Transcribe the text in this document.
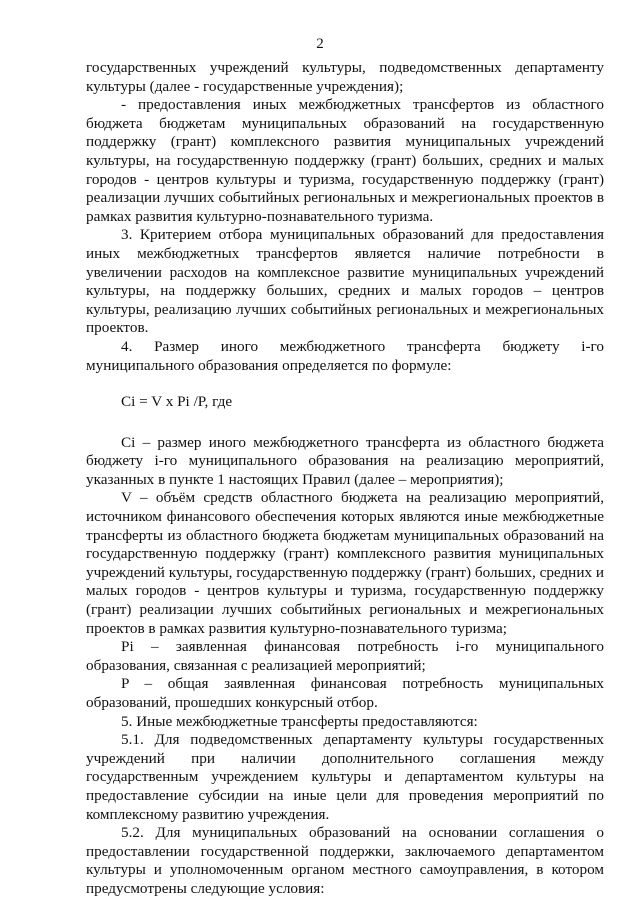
2

государственных учреждений культуры, подведомственных департаменту культуры (далее - государственные учреждения);

- предоставления иных межбюджетных трансфертов из областного бюджета бюджетам муниципальных образований на государственную поддержку (грант) комплексного развития муниципальных учреждений культуры, на государственную поддержку (грант) больших, средних и малых городов - центров культуры и туризма, государственную поддержку (грант) реализации лучших событийных региональных и межрегиональных проектов в рамках развития культурно-познавательного туризма.

3. Критерием отбора муниципальных образований для предоставления иных межбюджетных трансфертов является наличие потребности в увеличении расходов на комплексное развитие муниципальных учреждений культуры, на поддержку больших, средних и малых городов – центров культуры, реализацию лучших событийных региональных и межрегиональных проектов.

4. Размер иного межбюджетного трансферта бюджету i-го муниципального образования определяется по формуле:

Ci = V x Pi /P, где

Ci – размер иного межбюджетного трансферта из областного бюджета бюджету i-го муниципального образования на реализацию мероприятий, указанных в пункте 1 настоящих Правил (далее – мероприятия);

V – объём средств областного бюджета на реализацию мероприятий, источником финансового обеспечения которых являются иные межбюджетные трансферты из областного бюджета бюджетам муниципальных образований на государственную поддержку (грант) комплексного развития муниципальных учреждений культуры, государственную поддержку (грант) больших, средних и малых городов - центров культуры и туризма, государственную поддержку (грант) реализации лучших событийных региональных и межрегиональных проектов в рамках развития культурно-познавательного туризма;

Pi – заявленная финансовая потребность i-го муниципального образования, связанная с реализацией мероприятий;

P – общая заявленная финансовая потребность муниципальных образований, прошедших конкурсный отбор.

5. Иные межбюджетные трансферты предоставляются:

5.1. Для подведомственных департаменту культуры государственных учреждений при наличии дополнительного соглашения между государственным учреждением культуры и департаментом культуры на предоставление субсидии на иные цели для проведения мероприятий по комплексному развитию учреждения.

5.2. Для муниципальных образований на основании соглашения о предоставлении государственной поддержки, заключаемого департаментом культуры и уполномоченным органом местного самоуправления, в котором предусмотрены следующие условия:
